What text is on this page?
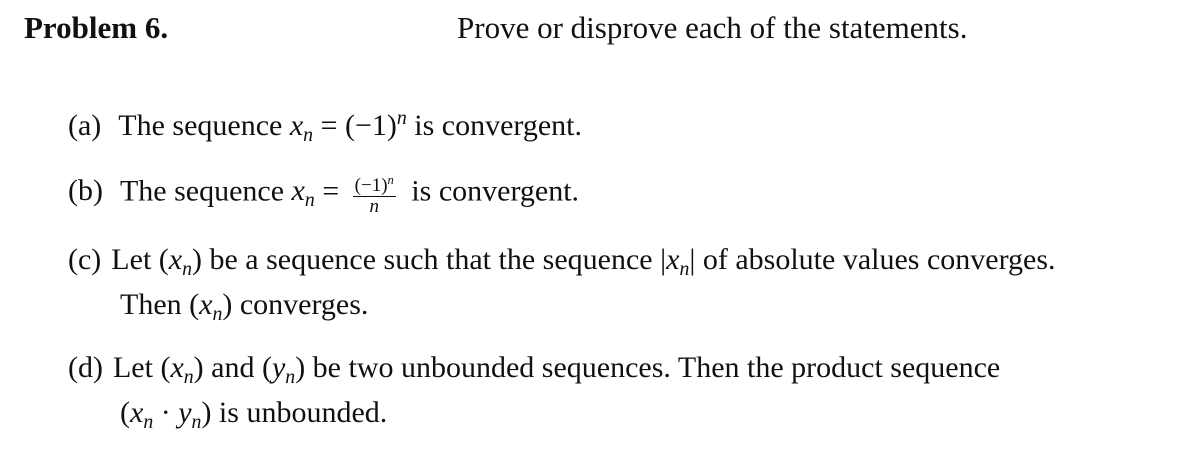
Problem 6.	Prove or disprove each of the statements.
(a) The sequence $x_n = (-1)^n$ is convergent.
(b) The sequence $x_n = \frac{(-1)^n}{n}$ is convergent.
(c) Let $(x_n)$ be a sequence such that the sequence $|x_n|$ of absolute values converges.
Then $(x_n)$ converges.
(d) Let $(x_n)$ and $(y_n)$ be two unbounded sequences. Then the product sequence
$(x_n \cdot y_n)$ is unbounded.
